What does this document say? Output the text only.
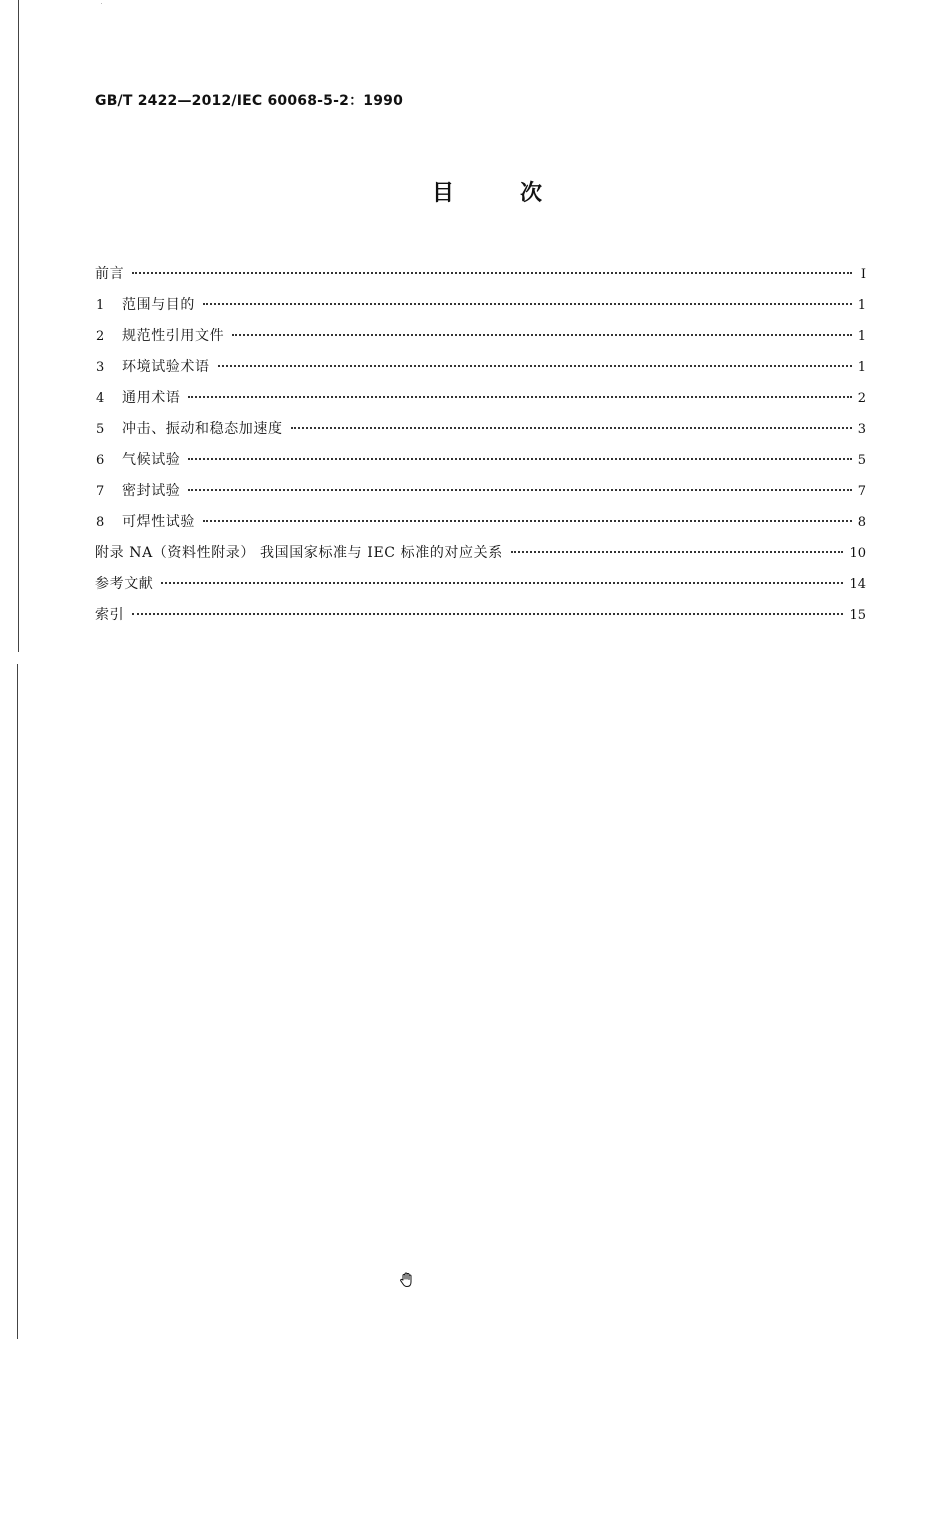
GB/T 2422—2012/IEC 60068-5-2：1990
目	次
前言	Ⅰ
1	范围与目的	1
2	规范性引用文件	1
3	环境试验术语	1
4	通用术语	2
5	冲击、振动和稳态加速度	3
6	气候试验	5
7	密封试验	7
8	可焊性试验	8
附录 NA（资料性附录） 我国国家标准与 IEC 标准的对应关系	10
参考文献	14
索引	15
